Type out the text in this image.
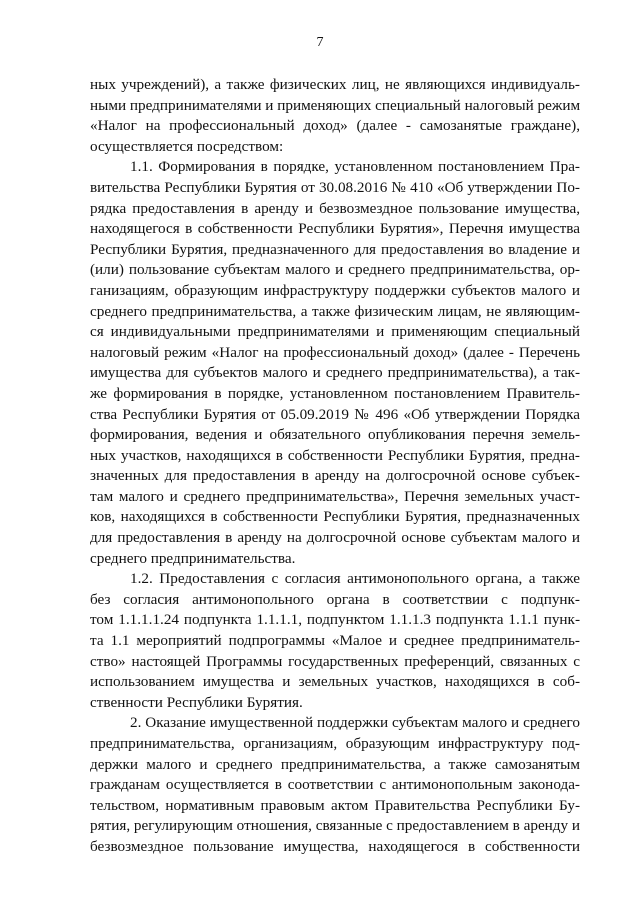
7
ных учреждений), а также физических лиц, не являющихся индивидуаль-
ными предпринимателями и применяющих специальный налоговый режим
«Налог на профессиональный доход» (далее - самозанятые граждане),
осуществляется посредством:
1.1. Формирования в порядке, установленном постановлением Пра-
вительства Республики Бурятия от 30.08.2016 № 410 «Об утверждении По-
рядка предоставления в аренду и безвозмездное пользование имущества,
находящегося в собственности Республики Бурятия», Перечня имущества
Республики Бурятия, предназначенного для предоставления во владение и
(или) пользование субъектам малого и среднего предпринимательства, ор-
ганизациям, образующим инфраструктуру поддержки субъектов малого и
среднего предпринимательства, а также физическим лицам, не являющим-
ся индивидуальными предпринимателями и применяющим специальный
налоговый режим «Налог на профессиональный доход» (далее - Перечень
имущества для субъектов малого и среднего предпринимательства), а так-
же формирования в порядке, установленном постановлением Правитель-
ства Республики Бурятия от 05.09.2019 № 496 «Об утверждении Порядка
формирования, ведения и обязательного опубликования перечня земель-
ных участков, находящихся в собственности Республики Бурятия, предна-
значенных для предоставления в аренду на долгосрочной основе субъек-
там малого и среднего предпринимательства», Перечня земельных участ-
ков, находящихся в собственности Республики Бурятия, предназначенных
для предоставления в аренду на долгосрочной основе субъектам малого и
среднего предпринимательства.
1.2. Предоставления с согласия антимонопольного органа, а также
без согласия антимонопольного органа в соответствии с подпунк-
том 1.1.1.1.24 подпункта 1.1.1.1, подпунктом 1.1.1.3 подпункта 1.1.1 пунк-
та 1.1 мероприятий подпрограммы «Малое и среднее предприниматель-
ство» настоящей Программы государственных преференций, связанных с
использованием имущества и земельных участков, находящихся в соб-
ственности Республики Бурятия.
2. Оказание имущественной поддержки субъектам малого и среднего
предпринимательства, организациям, образующим инфраструктуру под-
держки малого и среднего предпринимательства, а также самозанятым
гражданам осуществляется в соответствии с антимонопольным законода-
тельством, нормативным правовым актом Правительства Республики Бу-
рятия, регулирующим отношения, связанные с предоставлением в аренду и
безвозмездное пользование имущества, находящегося в собственности
